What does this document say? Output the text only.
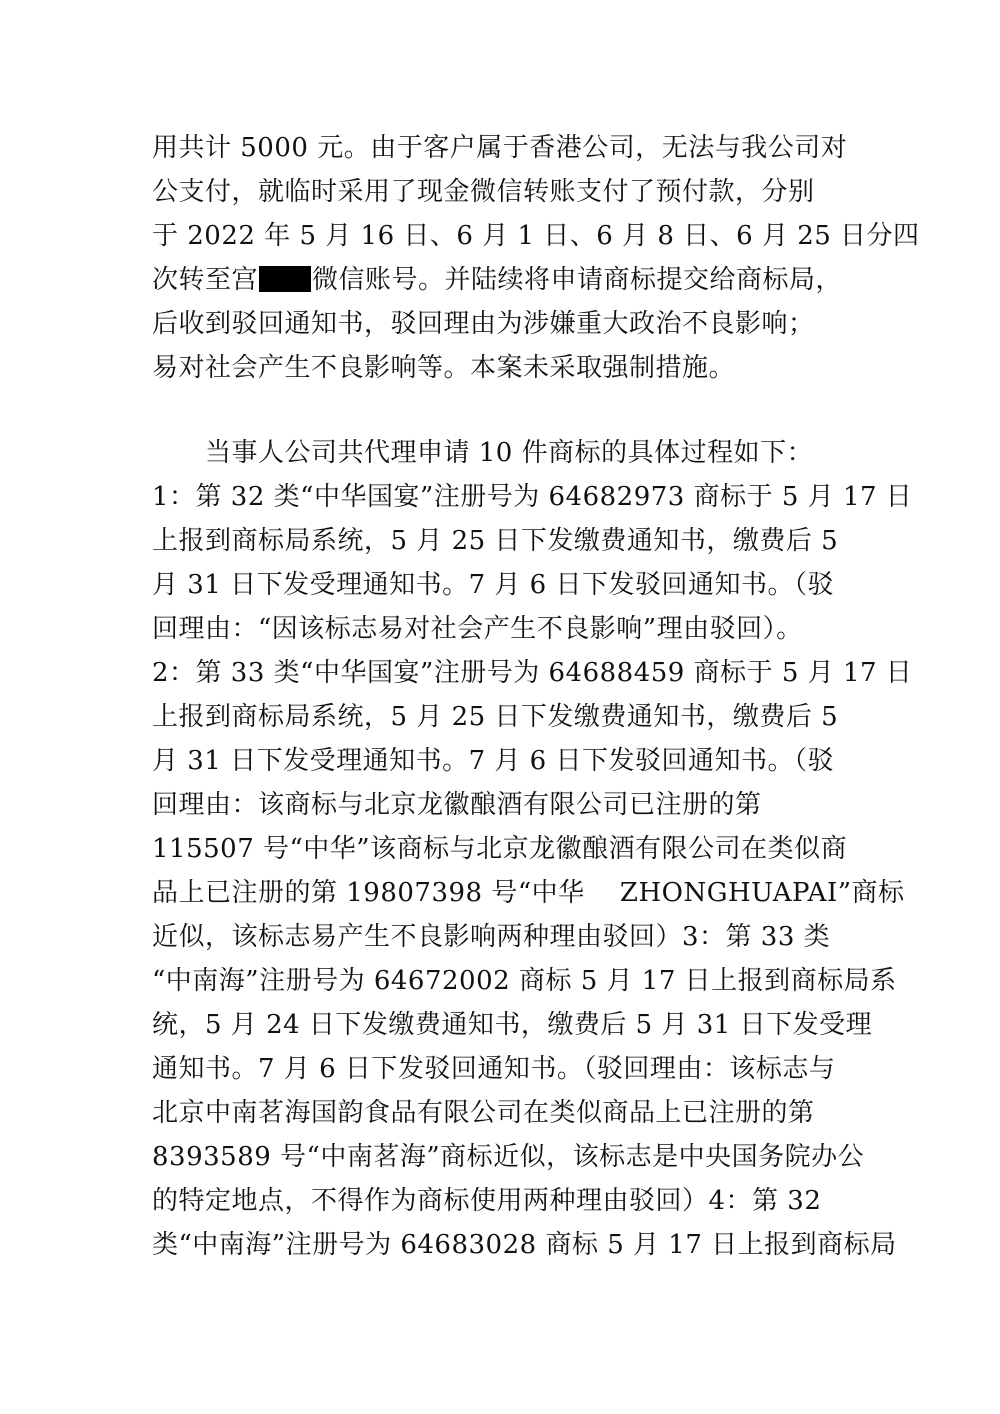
用共计 5000 元。由于客户属于香港公司，无法与我公司对
公支付，就临时采用了现金微信转账支付了预付款，分别
于 2022 年 5 月 16 日、6 月 1 日、6 月 8 日、6 月 25 日分四
次转至宫 微信账号。并陆续将申请商标提交给商标局，
后收到驳回通知书，驳回理由为涉嫌重大政治不良影响；
易对社会产生不良影响等。本案未采取强制措施。
当事人公司共代理申请 10 件商标的具体过程如下：
1：第 32 类“中华国宴”注册号为 64682973 商标于 5 月 17 日
上报到商标局系统，5 月 25 日下发缴费通知书，缴费后 5
月 31 日下发受理通知书。7 月 6 日下发驳回通知书。（驳
回理由：“因该标志易对社会产生不良影响”理由驳回）。
2：第 33 类“中华国宴”注册号为 64688459 商标于 5 月 17 日
上报到商标局系统，5 月 25 日下发缴费通知书，缴费后 5
月 31 日下发受理通知书。7 月 6 日下发驳回通知书。（驳
回理由：该商标与北京龙徽酿酒有限公司已注册的第
115507 号“中华”该商标与北京龙徽酿酒有限公司在类似商
品上已注册的第 19807398 号“中华　 ZHONGHUAPAI”商标
近似，该标志易产生不良影响两种理由驳回）3：第 33 类
“中南海”注册号为 64672002 商标 5 月 17 日上报到商标局系
统，5 月 24 日下发缴费通知书，缴费后 5 月 31 日下发受理
通知书。7 月 6 日下发驳回通知书。（驳回理由：该标志与
北京中南茗海国韵食品有限公司在类似商品上已注册的第
8393589 号“中南茗海”商标近似，该标志是中央国务院办公
的特定地点，不得作为商标使用两种理由驳回）4：第 32
类“中南海”注册号为 64683028 商标 5 月 17 日上报到商标局
